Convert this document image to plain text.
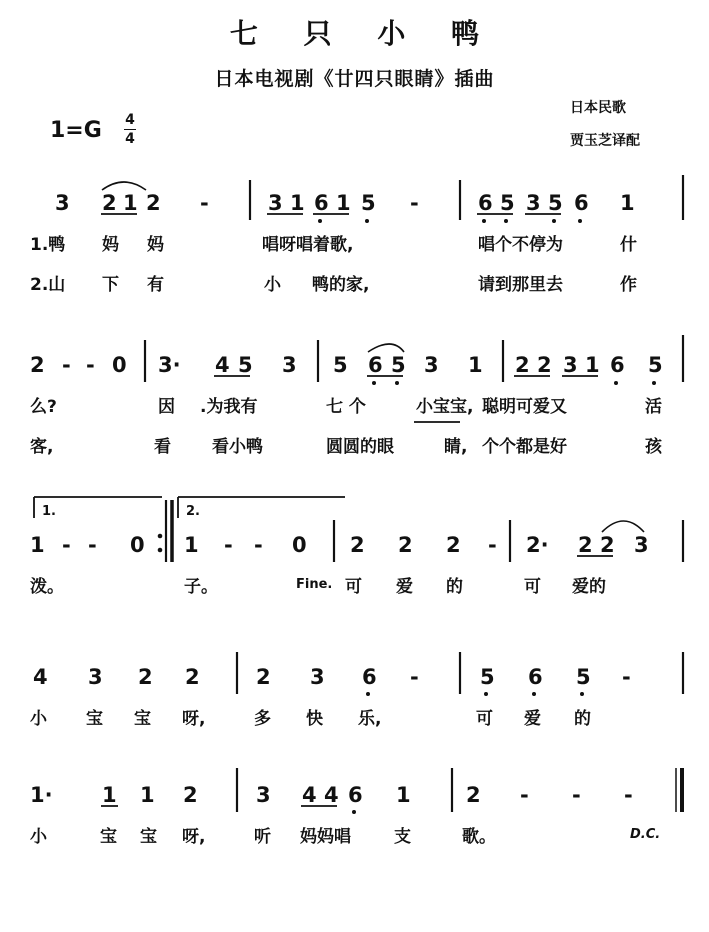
七 只 小 鸭
日本电视剧《廿四只眼睛》插曲
1=G 4
4
日本民歌
贾玉芝译配
3 2 1 2 -	3 1 6 1 5 -	6 5 3 5 6 1
1.鸭 妈 妈	唱呀唱着歌,	唱个不停为	什
2.山 下 有	小 鸭的家,	请到那里去	作
2 - - 0 3· 4 5 3 5 6 5 3 1 2 2 3 1 6 5
么?	因 .为我有	七 个	小宝宝, 聪明可爱又	活
客,	看 看小鸭	圆圆的眼	睛, 个个都是好	孩
1.	2.
1 - - 0 1 - - 0 2 2 2 - 2· 2 2 3
泼。	子。	Fine. 可 爱 的	可 爱的
4 3 2 2	2 3 6 -	5 6 5 -
小 宝 宝 呀,	多 快 乐,	可 爱 的
1· 1 1 2	3 4 4 6 1	2 - - -
小	宝 宝 呀,	听 妈妈唱	支	歌。	D.C.
